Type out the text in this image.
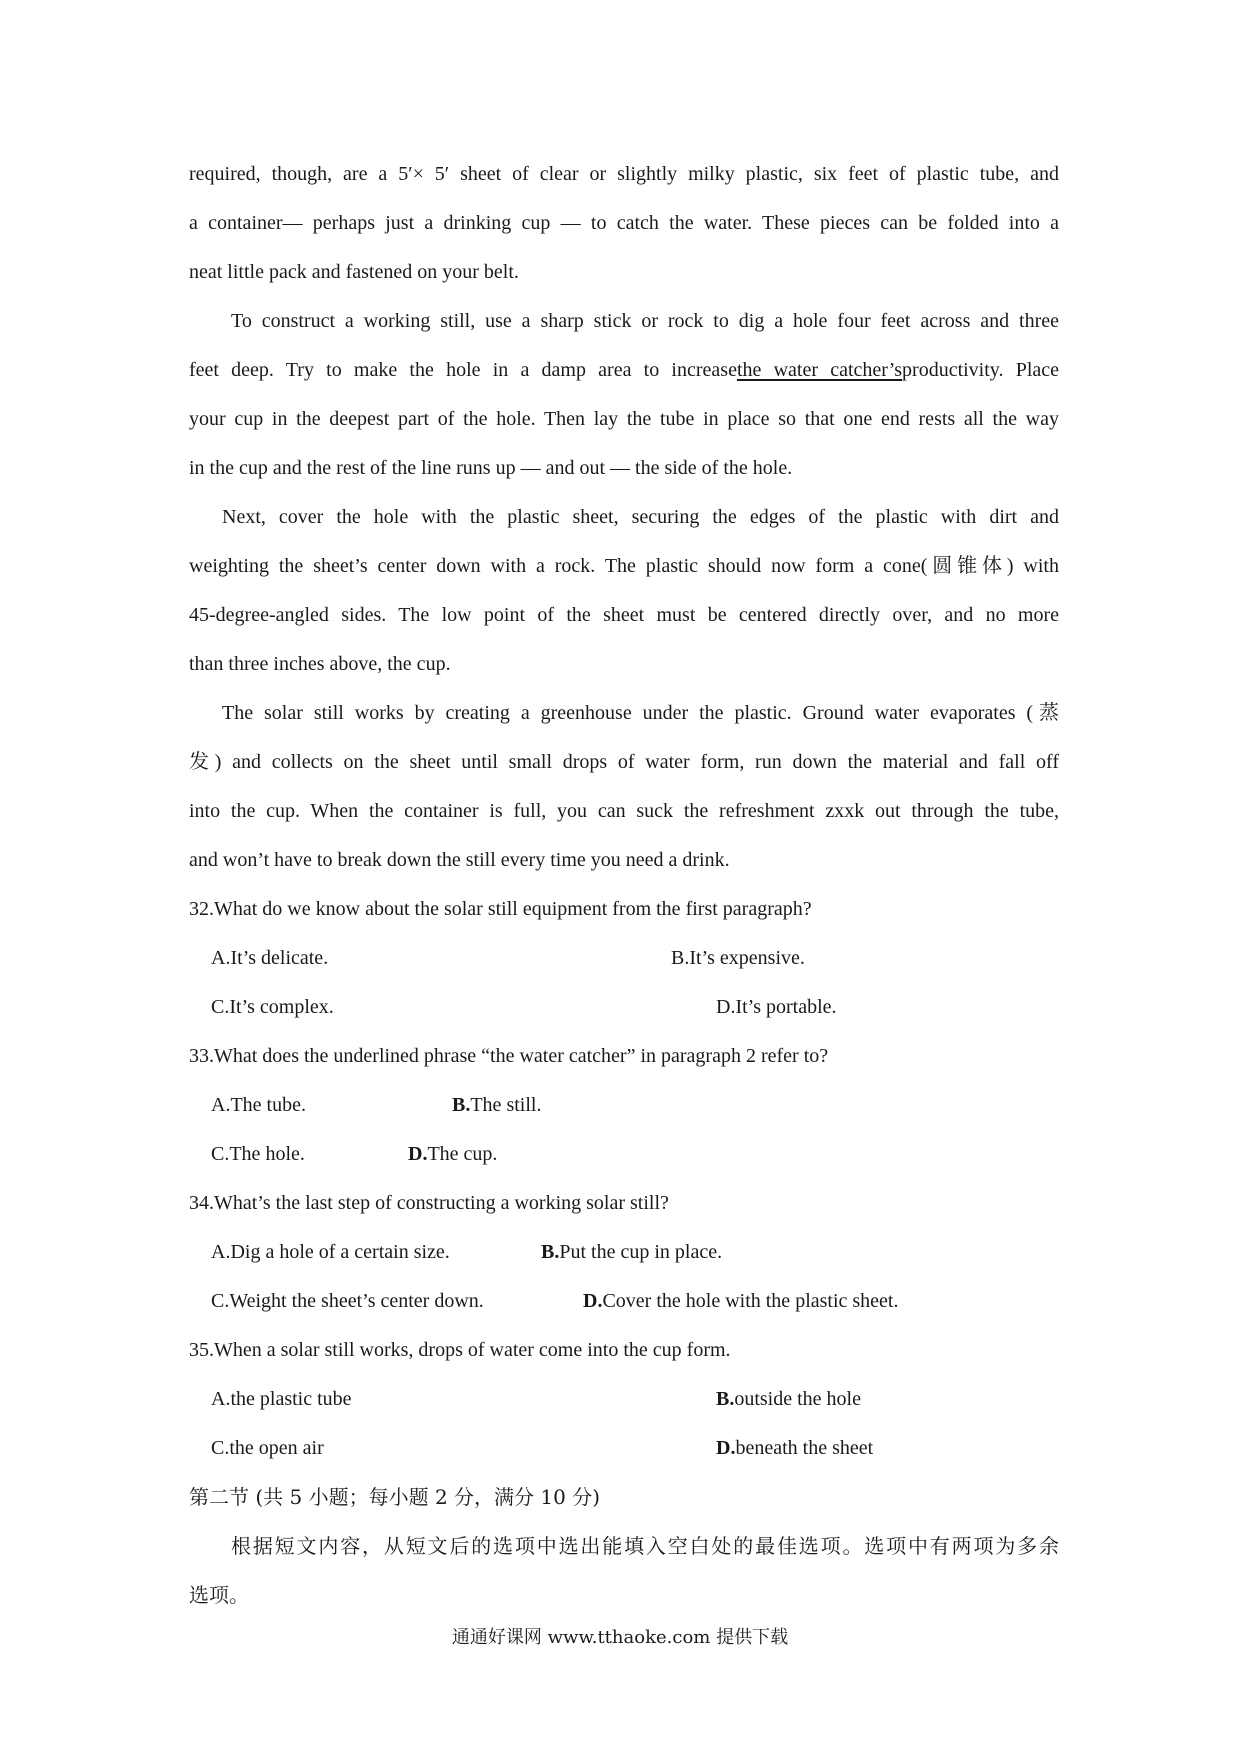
required, though, are a 5′× 5′ sheet of clear or slightly milky plastic, six feet of plastic tube, and
a container— perhaps just a drinking cup — to catch the water. These pieces can be folded into a
neat little pack and fastened on your belt.
To construct a working still, use a sharp stick or rock to dig a hole four feet across and three
feet deep. Try to make the hole in a damp area to increasethe water catcher’sproductivity. Place
your cup in the deepest part of the hole. Then lay the tube in place so that one end rests all the way
in the cup and the rest of the line runs up — and out — the side of the hole.
Next, cover the hole with the plastic sheet, securing the edges of the plastic with dirt and
weighting the sheet’s center down with a rock. The plastic should now form a cone(圆锥体) with
45-degree-angled sides. The low point of the sheet must be centered directly over, and no more
than three inches above, the cup.
The solar still works by creating a greenhouse under the plastic. Ground water evaporates (蒸
发) and collects on the sheet until small drops of water form, run down the material and fall off
into the cup. When the container is full, you can suck the refreshment zxxk out through the tube,
and won’t have to break down the still every time you need a drink.
32.What do we know about the solar still equipment from the first paragraph?
A.It’s delicate.	B.It’s expensive.
C.It’s complex.	D.It’s portable.
33.What does the underlined phrase “the water catcher” in paragraph 2 refer to?
A.The tube.	B.The still.
C.The hole.	D.The cup.
34.What’s the last step of constructing a working solar still?
A.Dig a hole of a certain size.	B.Put the cup in place.
C.Weight the sheet’s center down.	D.Cover the hole with the plastic sheet.
35.When a solar still works, drops of water come into the cup form.
A.the plastic tube	B.outside the hole
C.the open air	D.beneath the sheet
第二节 (共 5 小题；每小题 2 分，满分 10 分)
根据短文内容，从短文后的选项中选出能填入空白处的最佳选项。选项中有两项为多余
选项。
通通好课网 www.tthaoke.com 提供下载
